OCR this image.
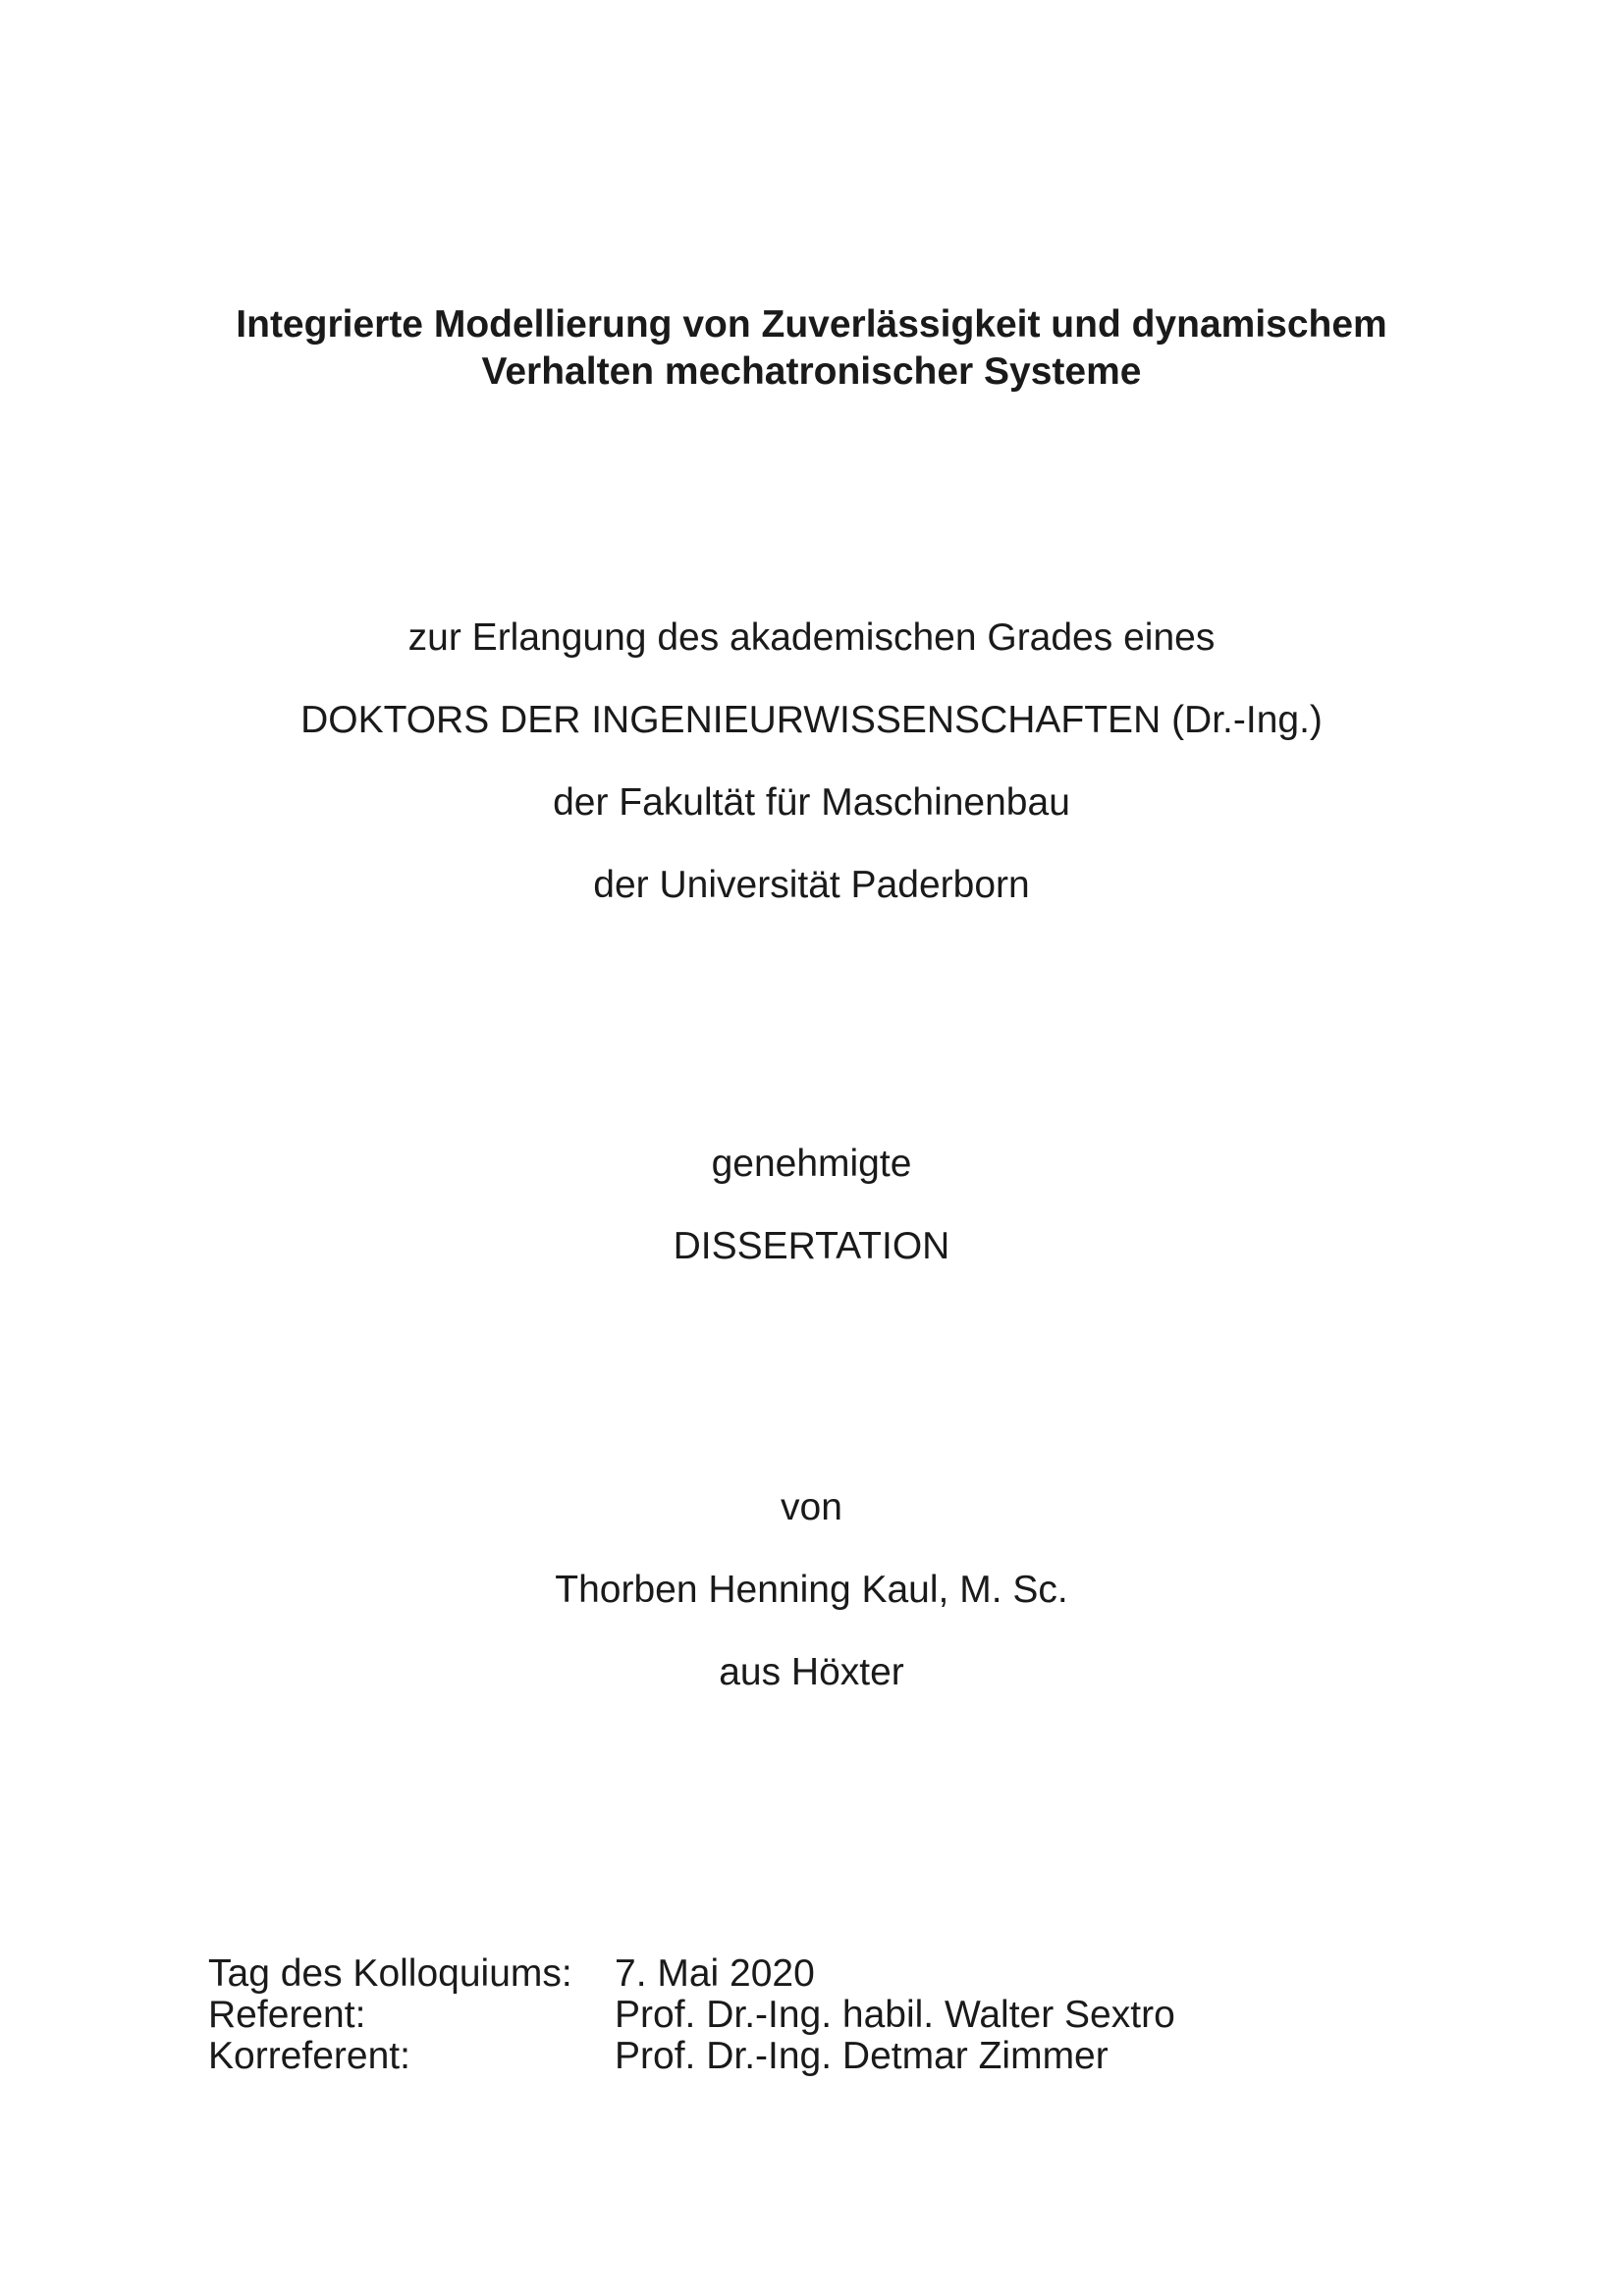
Integrierte Modellierung von Zuverlässigkeit und dynamischem
Verhalten mechatronischer Systeme
zur Erlangung des akademischen Grades eines
DOKTORS DER INGENIEURWISSENSCHAFTEN (Dr.-Ing.)
der Fakultät für Maschinenbau
der Universität Paderborn
genehmigte
DISSERTATION
von
Thorben Henning Kaul, M. Sc.
aus Höxter
Tag des Kolloquiums:	7. Mai 2020
Referent:	Prof. Dr.-Ing. habil. Walter Sextro
Korreferent:	Prof. Dr.-Ing. Detmar Zimmer
